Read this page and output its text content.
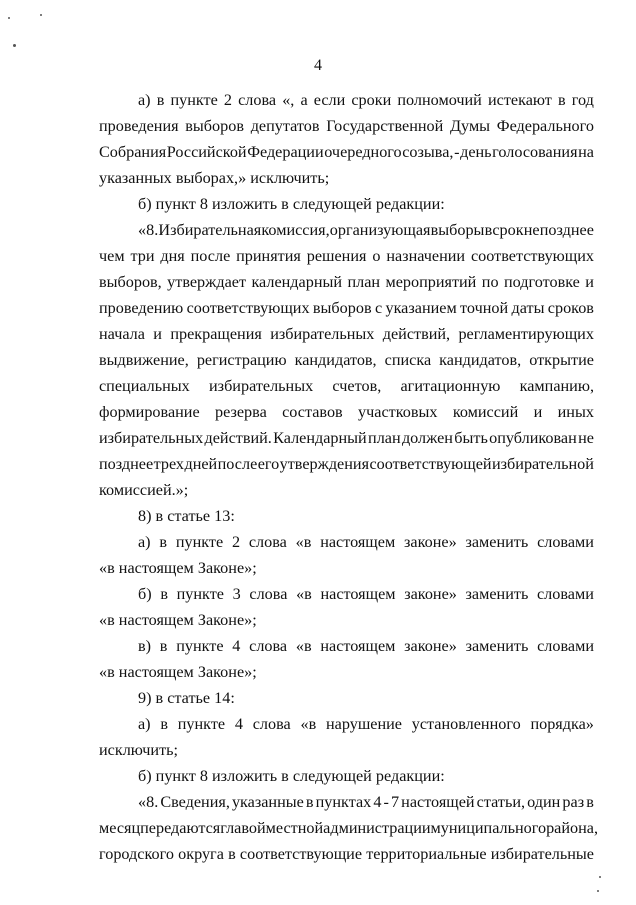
4
а) в пункте 2 слова «, а если сроки полномочий истекают в год
проведения выборов депутатов Государственной Думы Федерального
Собрания Российской Федерации очередного созыва, - день голосования на
указанных выборах,» исключить;
б) пункт 8 изложить в следующей редакции:
«8. Избирательная комиссия, организующая выборы в срок не позднее
чем три дня после принятия решения о назначении соответствующих
выборов, утверждает календарный план мероприятий по подготовке и
проведению соответствующих выборов с указанием точной даты сроков
начала и прекращения избирательных действий, регламентирующих
выдвижение, регистрацию кандидатов, списка кандидатов, открытие
специальных избирательных счетов, агитационную кампанию,
формирование резерва составов участковых комиссий и иных
избирательных действий. Календарный план должен быть опубликован не
позднее трех дней после его утверждения соответствующей избирательной
комиссией.»;
8) в статье 13:
а) в пункте 2 слова «в настоящем законе» заменить словами
«в настоящем Законе»;
б) в пункте 3 слова «в настоящем законе» заменить словами
«в настоящем Законе»;
в) в пункте 4 слова «в настоящем законе» заменить словами
«в настоящем Законе»;
9) в статье 14:
а) в пункте 4 слова «в нарушение установленного порядка»
исключить;
б) пункт 8 изложить в следующей редакции:
«8. Сведения, указанные в пунктах 4 - 7 настоящей статьи, один раз в
месяц передаются главой местной администрации муниципального района,
городского округа в соответствующие территориальные избирательные
